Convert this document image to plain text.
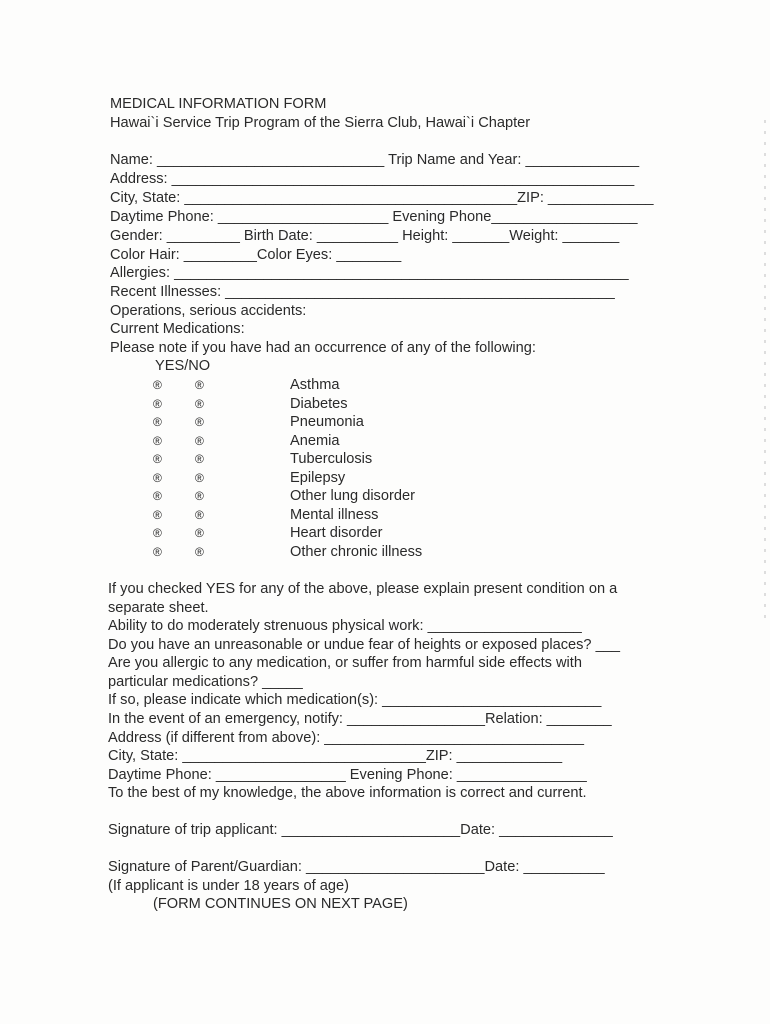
MEDICAL INFORMATION FORM
Hawai`i Service Trip Program of the Sierra Club, Hawai`i Chapter
Name: ____________________________ Trip Name and Year: ______________
Address: _________________________________________________________
City, State: _________________________________________ZIP: _____________
Daytime Phone: _____________________ Evening Phone__________________
Gender: _________ Birth Date: __________ Height: _______Weight: _______
Color Hair: _________Color Eyes: ________
Allergies: ________________________________________________________
Recent Illnesses: ________________________________________________
Operations, serious accidents:
Current Medications:
Please note if you have had an occurrence of any of the following:
YES/NO
®	®	Asthma
®	®	Diabetes
®	®	Pneumonia
®	®	Anemia
®	®	Tuberculosis
®	®	Epilepsy
®	®	Other lung disorder
®	®	Mental illness
®	®	Heart disorder
®	®	Other chronic illness
If you checked YES for any of the above, please explain present condition on a
separate sheet.
Ability to do moderately strenuous physical work: ___________________
Do you have an unreasonable or undue fear of heights or exposed places? ___
Are you allergic to any medication, or suffer from harmful side effects with
particular medications? _____
If so, please indicate which medication(s): ___________________________
In the event of an emergency, notify: _________________Relation: ________
Address (if different from above): ________________________________
City, State: ______________________________ZIP: _____________
Daytime Phone: ________________ Evening Phone: ________________
To the best of my knowledge, the above information is correct and current.
Signature of trip applicant: ______________________Date: ______________
Signature of Parent/Guardian: ______________________Date: __________
(If applicant is under 18 years of age)
(FORM CONTINUES ON NEXT PAGE)
